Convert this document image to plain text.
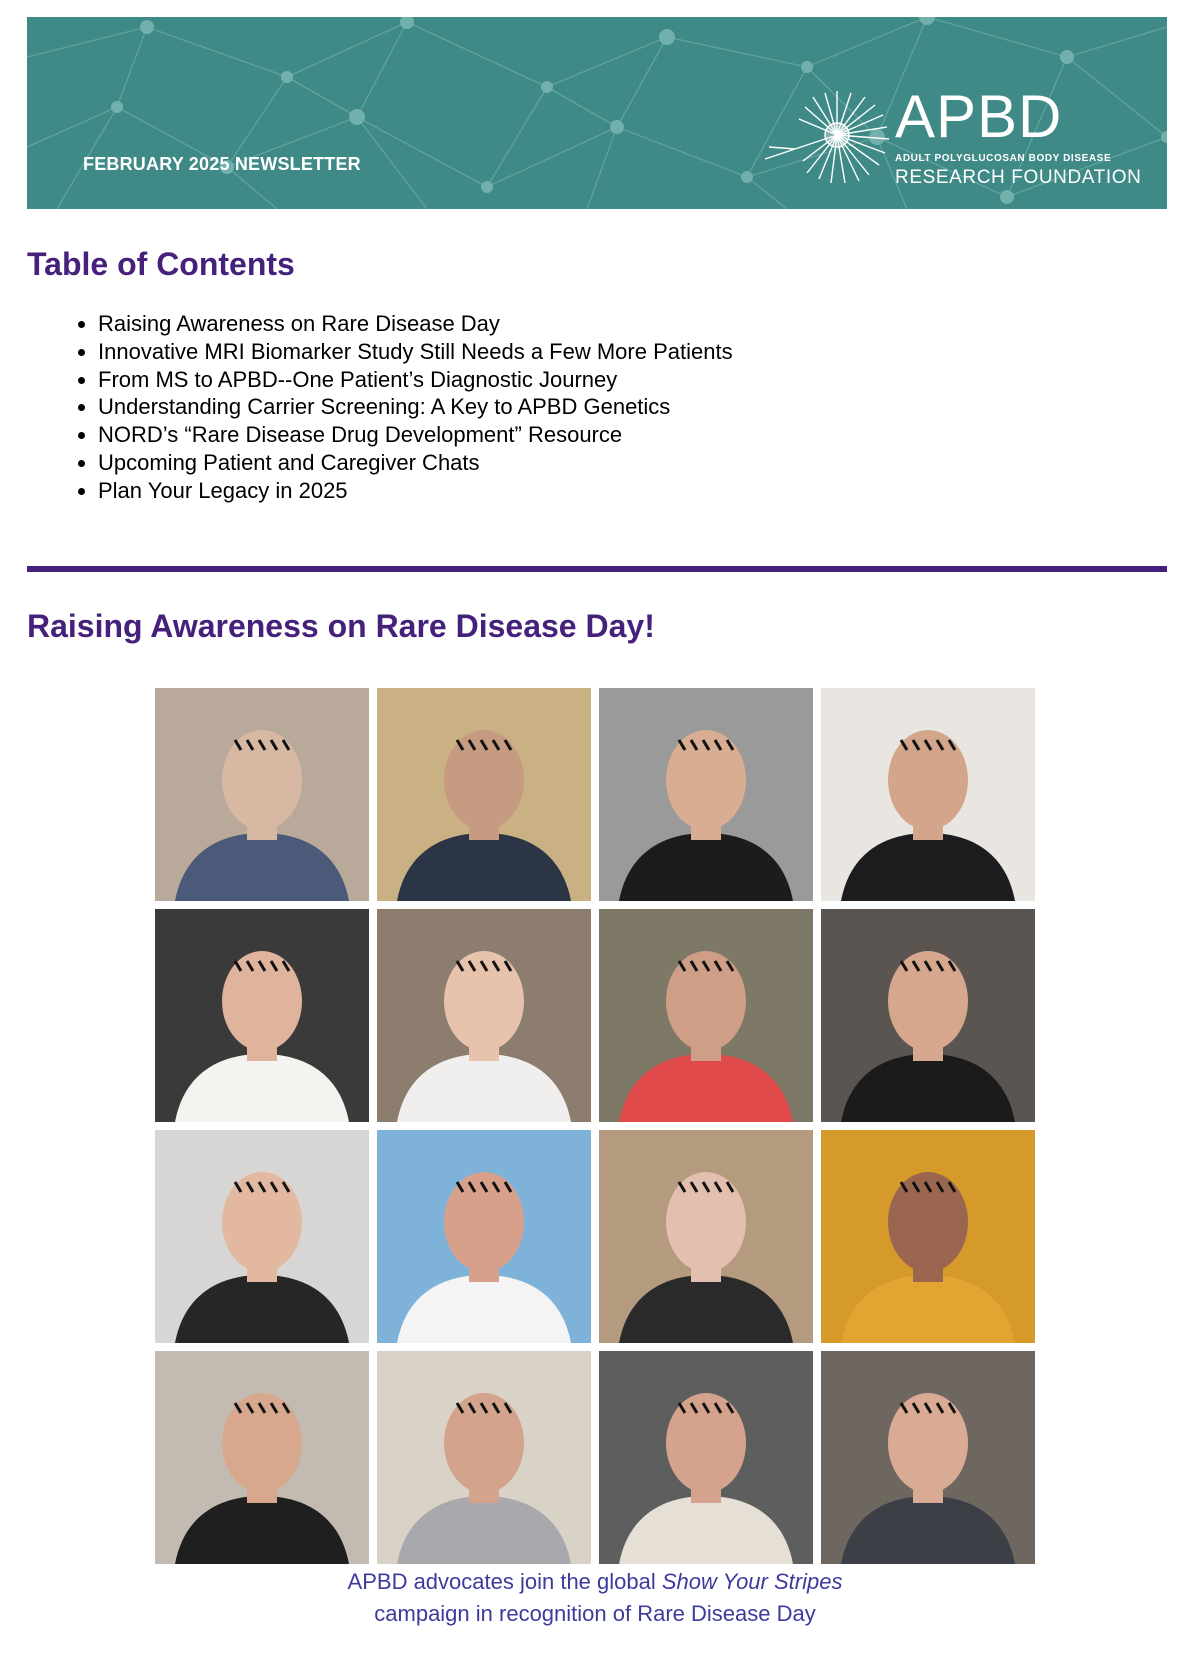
FEBRUARY 2025 NEWSLETTER
APBD
ADULT POLYGLUCOSAN BODY DISEASE
RESEARCH FOUNDATION
Table of Contents
• Raising Awareness on Rare Disease Day
• Innovative MRI Biomarker Study Still Needs a Few More Patients
• From MS to APBD--One Patient’s Diagnostic Journey
• Understanding Carrier Screening: A Key to APBD Genetics
• NORD’s “Rare Disease Drug Development” Resource
• Upcoming Patient and Caregiver Chats
• Plan Your Legacy in 2025
Raising Awareness on Rare Disease Day!
APBD advocates join the global Show Your Stripes
campaign in recognition of Rare Disease Day
